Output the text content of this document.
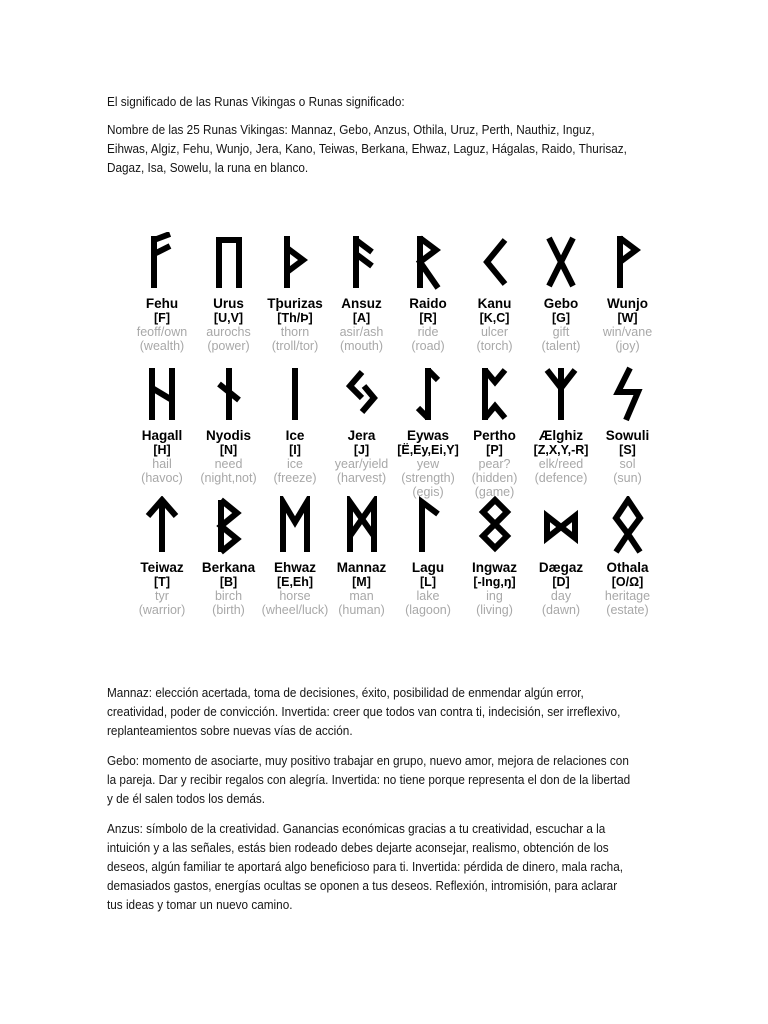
El significado de las Runas Vikingas o Runas significado:

Nombre de las 25 Runas Vikingas: Mannaz, Gebo, Anzus, Othila, Uruz, Perth, Nauthiz, Inguz, Eihwas, Algiz, Fehu, Wunjo, Jera, Kano, Teiwas, Berkana, Ehwaz, Laguz, Hágalas, Raido, Thurisaz, Dagaz, Isa, Sowelu, la runa en blanco.

Fehu
[F]
feoff/own
(wealth)
Urus
[U,V]
aurochs
(power)
Tþurizas
[Th/Þ]
thorn
(troll/tor)
Ansuz
[A]
asir/ash
(mouth)
Raido
[R]
ride
(road)
Kanu
[K,C]
ulcer
(torch)
Gebo
[G]
gift
(talent)
Wunjo
[W]
win/vane
(joy)
Hagall
[H]
hail
(havoc)
Nyodis
[N]
need
(night,not)
Ice
[I]
ice
(freeze)
Jera
[J]
year/yield
(harvest)
Eywas
[Ë,Ey,Ei,Y]
yew
(strength)
(egis)
Pertho
[P]
pear?
(hidden)
(game)
Ælghiz
[Z,X,Y,-R]
elk/reed
(defence)
Sowuli
[S]
sol
(sun)
Teiwaz
[T]
tyr
(warrior)
Berkana
[B]
birch
(birth)
Ehwaz
[E,Eh]
horse
(wheel/luck)
Mannaz
[M]
man
(human)
Lagu
[L]
lake
(lagoon)
Ingwaz
[-Ing,ŋ]
ing
(living)
Dægaz
[D]
day
(dawn)
Othala
[O/Ω]
heritage
(estate)

Mannaz: elección acertada, toma de decisiones, éxito, posibilidad de enmendar algún error, creatividad, poder de convicción. Invertida: creer que todos van contra ti, indecisión, ser irreflexivo, replanteamientos sobre nuevas vías de acción.

Gebo: momento de asociarte, muy positivo trabajar en grupo, nuevo amor, mejora de relaciones con la pareja. Dar y recibir regalos con alegría. Invertida: no tiene porque representa el don de la libertad y de él salen todos los demás.

Anzus: símbolo de la creatividad. Ganancias económicas gracias a tu creatividad, escuchar a la intuición y a las señales, estás bien rodeado debes dejarte aconsejar, realismo, obtención de los deseos, algún familiar te aportará algo beneficioso para ti. Invertida: pérdida de dinero, mala racha, demasiados gastos, energías ocultas se oponen a tus deseos. Reflexión, intromisión, para aclarar tus ideas y tomar un nuevo camino.
